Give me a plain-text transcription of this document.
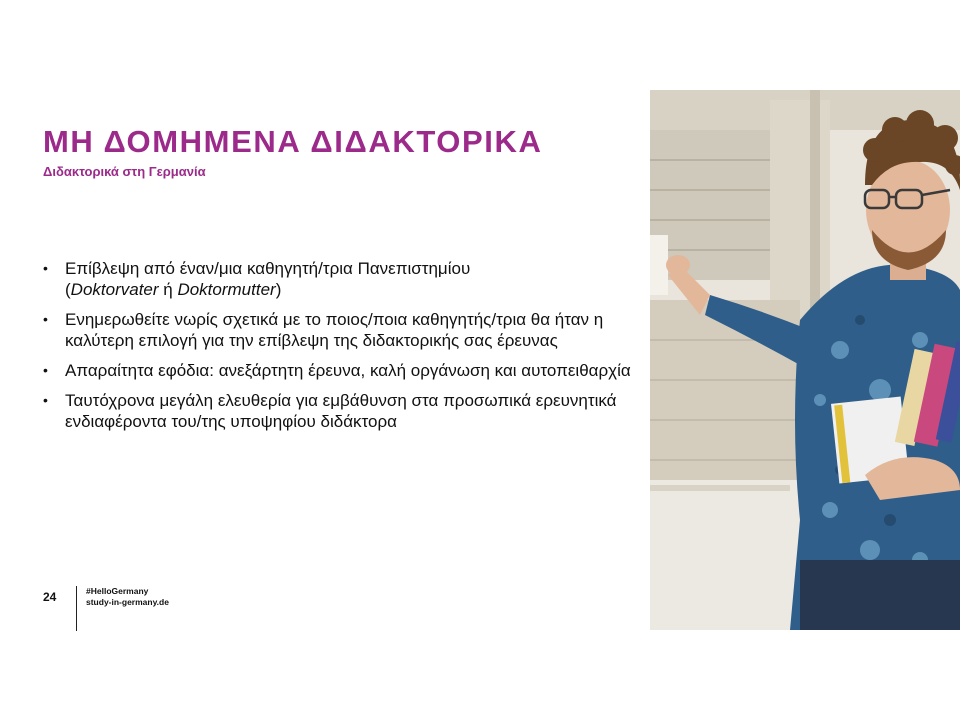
ΜΗ ΔΟΜΗΜΕΝΑ ΔΙΔΑΚΤΟΡΙΚΑ
Διδακτορικά στη Γερμανία
• Επίβλεψη από έναν/μια καθηγητή/τρια Πανεπιστημίου
(Doktorvater ή Doktormutter)
• Ενημερωθείτε νωρίς σχετικά με το ποιος/ποια καθηγητής/τρια θα ήταν η καλύτερη επιλογή για την επίβλεψη της διδακτορικής σας έρευνας
• Απαραίτητα εφόδια: ανεξάρτητη έρευνα, καλή οργάνωση και αυτοπειθαρχία
• Ταυτόχρονα μεγάλη ελευθερία για εμβάθυνση στα προσωπικά ερευνητικά ενδιαφέροντα του/της υποψηφίου διδάκτορα
24	#HelloGermany
study-in-germany.de
